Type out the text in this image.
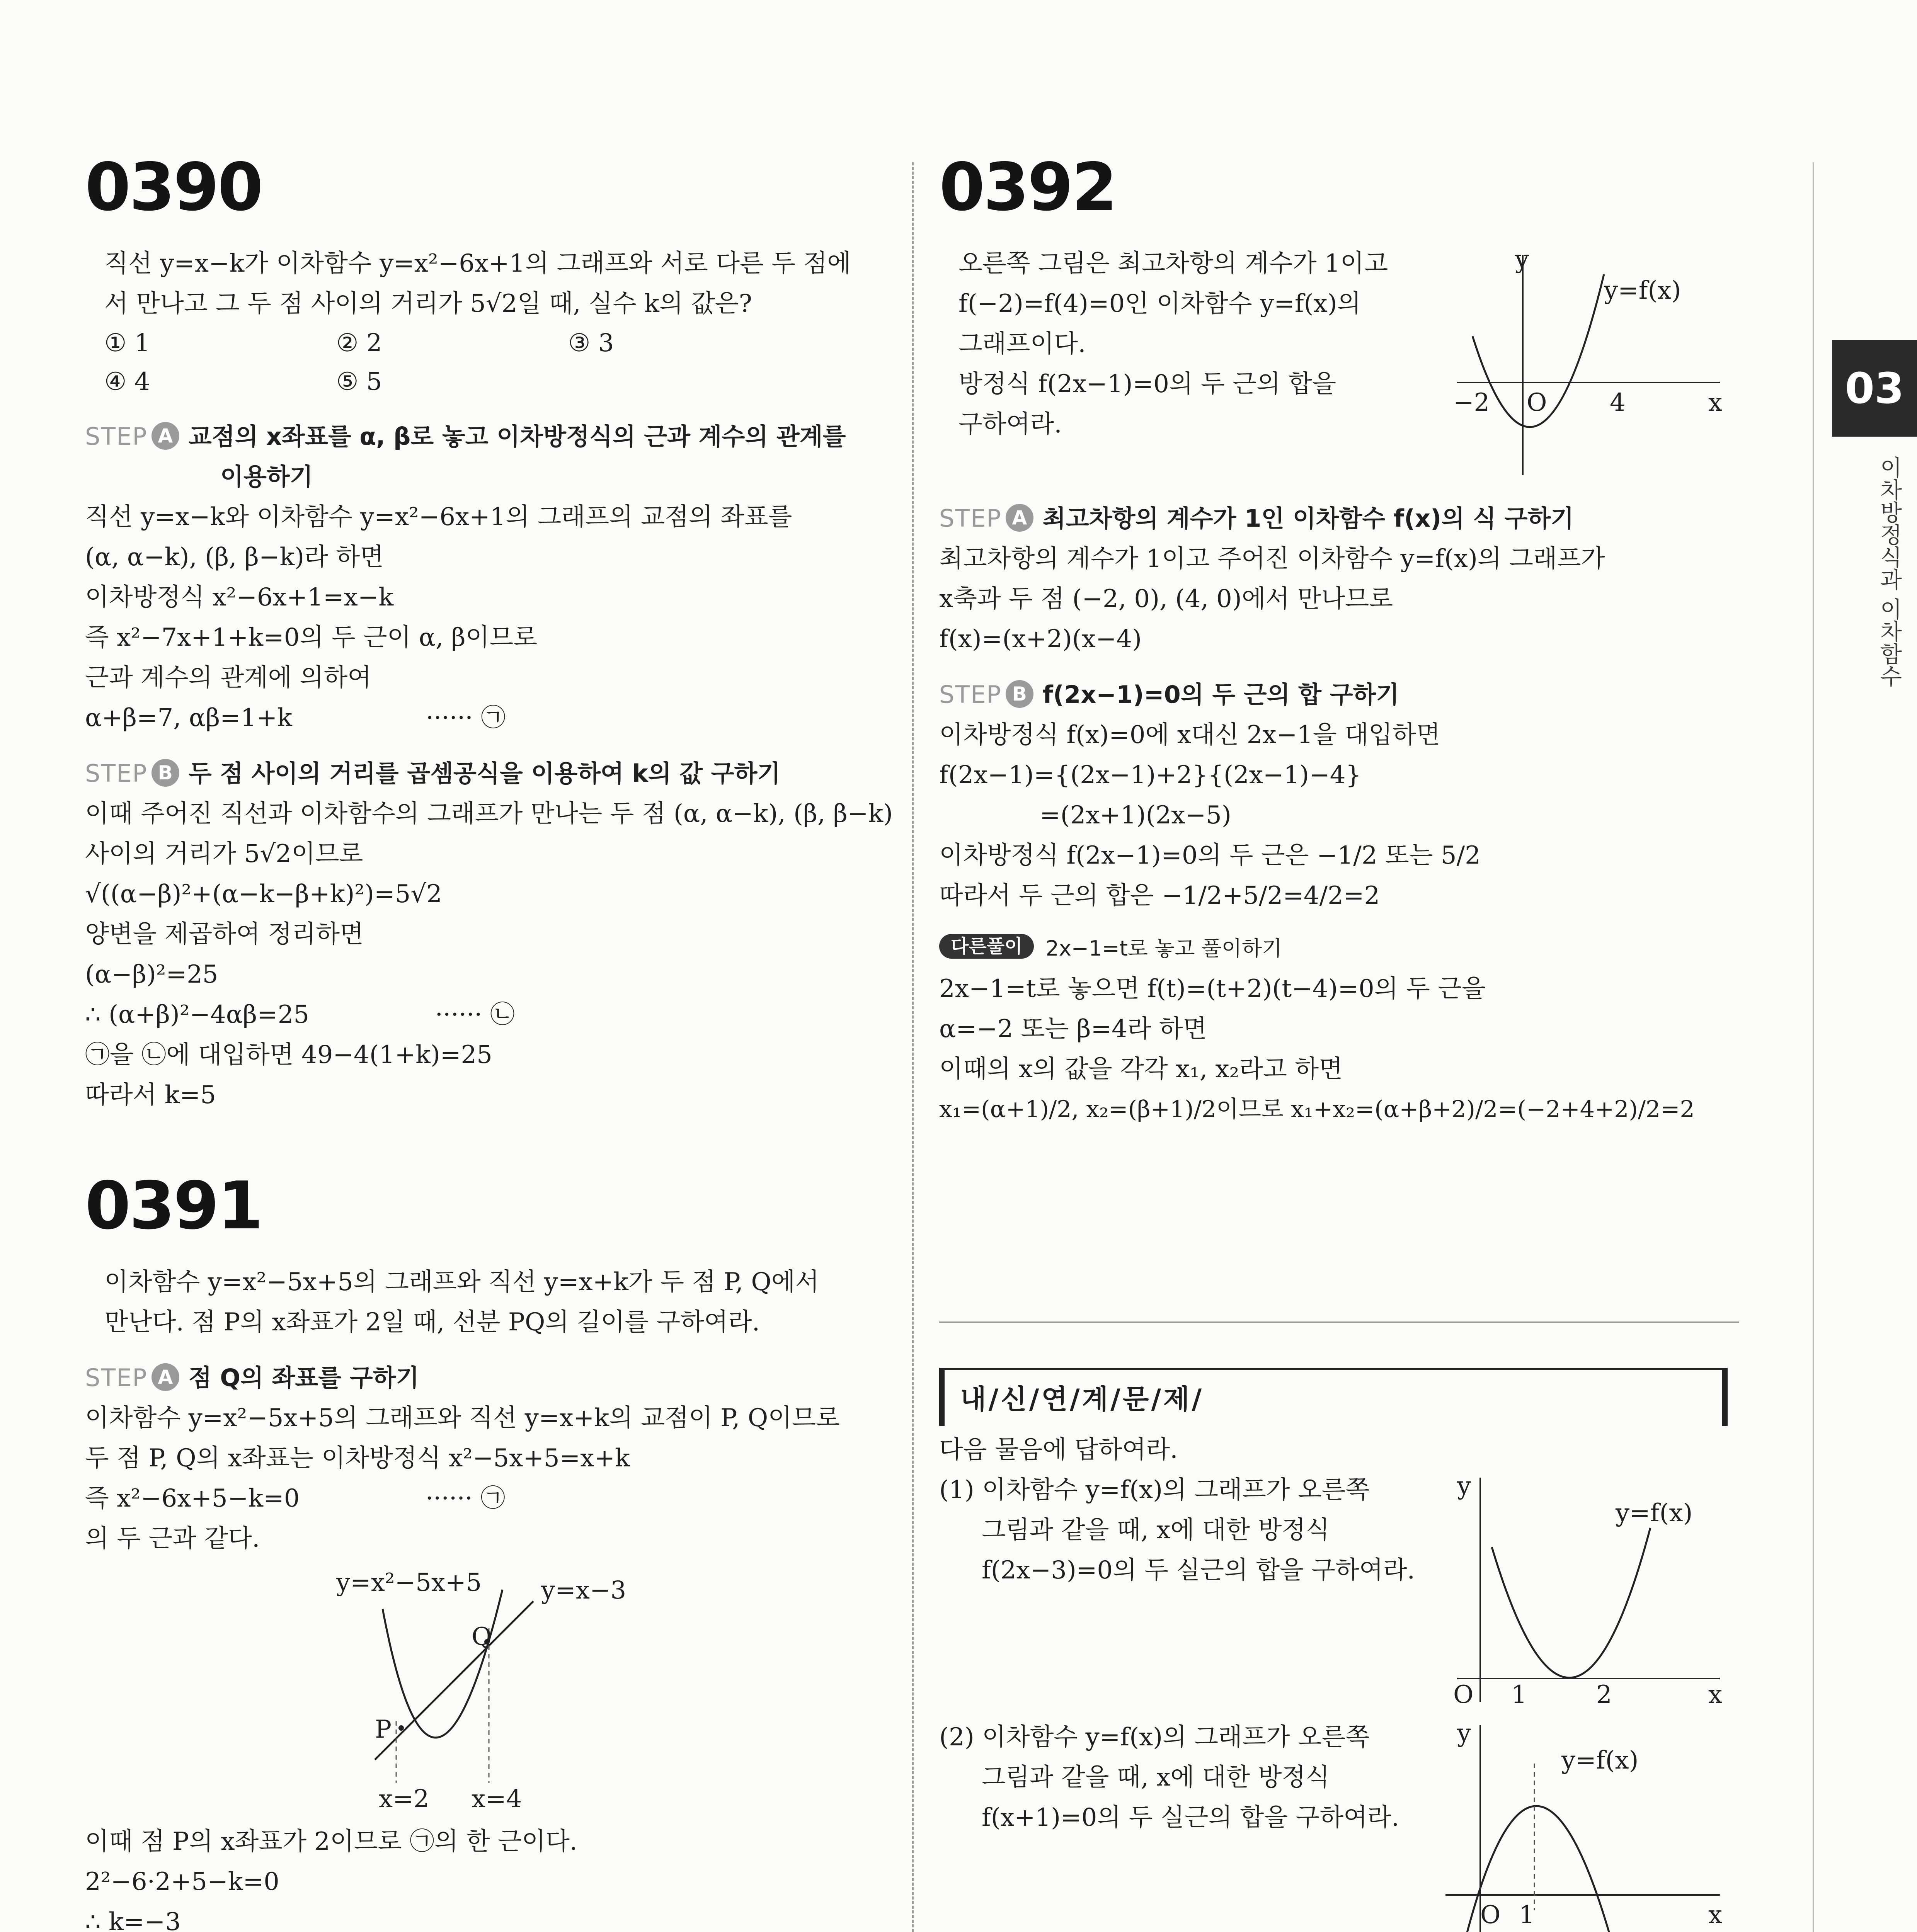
03
이차방정식과 이차함수
0390
직선 y=x−k가 이차함수 y=x²−6x+1의 그래프와 서로 다른 두 점에
서 만나고 그 두 점 사이의 거리가 5√2일 때, 실수 k의 값은?
① 1	② 2	③ 3
④ 4	⑤ 5
STEP A 교점의 x좌표를 α, β로 놓고 이차방정식의 근과 계수의 관계를
이용하기
직선 y=x−k와 이차함수 y=x²−6x+1의 그래프의 교점의 좌표를
(α, α−k), (β, β−k)라 하면
이차방정식 x²−6x+1=x−k
즉 x²−7x+1+k=0의 두 근이 α, β이므로
근과 계수의 관계에 의하여
α+β=7, αβ=1+k                 ······ ㉠
STEP B 두 점 사이의 거리를 곱셈공식을 이용하여 k의 값 구하기
이때 주어진 직선과 이차함수의 그래프가 만나는 두 점 (α, α−k), (β, β−k)
사이의 거리가 5√2이므로
√((α−β)²+(α−k−β+k)²)=5√2
양변을 제곱하여 정리하면
(α−β)²=25
∴ (α+β)²−4αβ=25                ······ ㉡
㉠을 ㉡에 대입하면 49−4(1+k)=25
따라서 k=5
0391
이차함수 y=x²−5x+5의 그래프와 직선 y=x+k가 두 점 P, Q에서
만난다. 점 P의 x좌표가 2일 때, 선분 PQ의 길이를 구하여라.
STEP A 점 Q의 좌표를 구하기
이차함수 y=x²−5x+5의 그래프와 직선 y=x+k의 교점이 P, Q이므로
두 점 P, Q의 x좌표는 이차방정식 x²−5x+5=x+k
즉 x²−6x+5−k=0                ······ ㉠
의 두 근과 같다.
y=x²−5x+5 y=x−3
Q
P
x=2 x=4
이때 점 P의 x좌표가 2이므로 ㉠의 한 근이다.
2²−6·2+5−k=0
∴ k=−3
0392
오른쪽 그림은 최고차항의 계수가 1이고
f(−2)=f(4)=0인 이차함수 y=f(x)의
그래프이다.
방정식 f(2x−1)=0의 두 근의 합을
구하여라.
y
y=f(x)
−2 O	4	x
STEP A 최고차항의 계수가 1인 이차함수 f(x)의 식 구하기
최고차항의 계수가 1이고 주어진 이차함수 y=f(x)의 그래프가
x축과 두 점 (−2, 0), (4, 0)에서 만나므로
f(x)=(x+2)(x−4)
STEP B f(2x−1)=0의 두 근의 합 구하기
이차방정식 f(x)=0에 x대신 2x−1을 대입하면
f(2x−1)={(2x−1)+2}{(2x−1)−4}
=(2x+1)(2x−5)
이차방정식 f(2x−1)=0의 두 근은 −1/2 또는 5/2
따라서 두 근의 합은 −1/2+5/2=4/2=2
다른풀이 2x−1=t로 놓고 풀이하기
2x−1=t로 놓으면 f(t)=(t+2)(t−4)=0의 두 근을
α=−2 또는 β=4라 하면
이때의 x의 값을 각각 x₁, x₂라고 하면
x₁=(α+1)/2, x₂=(β+1)/2이므로 x₁+x₂=(α+β+2)/2=(−2+4+2)/2=2
내/신/연/계/문/제/
다음 물음에 답하여라.
(1) 이차함수 y=f(x)의 그래프가 오른쪽
그림과 같을 때, x에 대한 방정식
f(2x−3)=0의 두 실근의 합을 구하여라.
y
y=f(x)
O 1	2	x
(2) 이차함수 y=f(x)의 그래프가 오른쪽
그림과 같을 때, x에 대한 방정식
f(x+1)=0의 두 실근의 합을 구하여라.
y
y=f(x)
O 1	x
